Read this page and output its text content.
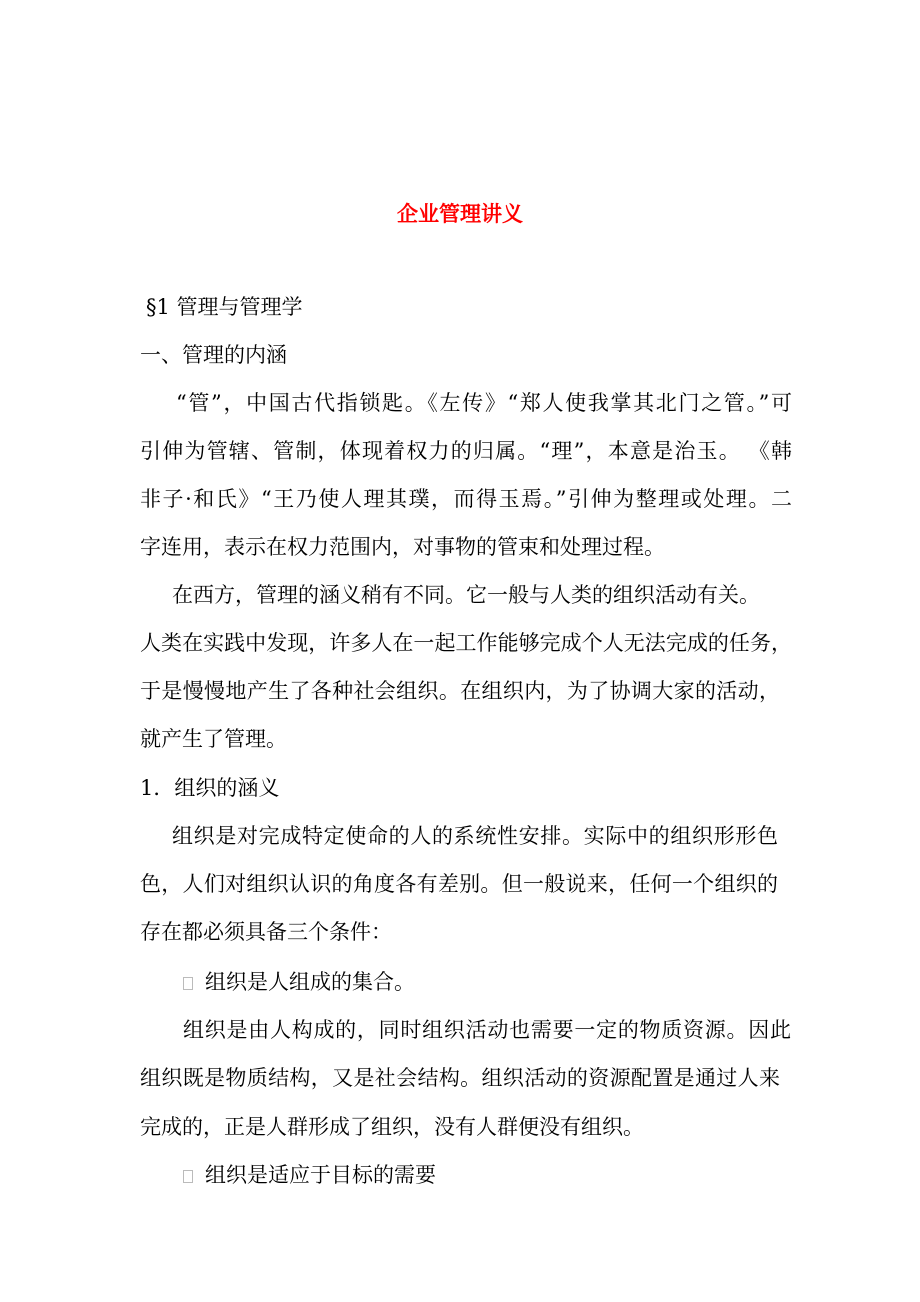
企业管理讲义
§1 管理与管理学
一、管理的内涵
“管”，中国古代指锁匙。《左传》“郑人使我掌其北门之管。”可
引伸为管辖、管制，体现着权力的归属。“理”，本意是治玉。 《韩
非子·和氏》“王乃使人理其璞，而得玉焉。”引伸为整理或处理。二
字连用，表示在权力范围内，对事物的管束和处理过程。
在西方，管理的涵义稍有不同。它一般与人类的组织活动有关。
人类在实践中发现，许多人在一起工作能够完成个人无法完成的任务，
于是慢慢地产生了各种社会组织。在组织内，为了协调大家的活动，
就产生了管理。
1．组织的涵义
组织是对完成特定使命的人的系统性安排。实际中的组织形形色
色，人们对组织认识的角度各有差别。但一般说来，任何一个组织的
存在都必须具备三个条件：
组织是人组成的集合。
组织是由人构成的，同时组织活动也需要一定的物质资源。因此
组织既是物质结构，又是社会结构。组织活动的资源配置是通过人来
完成的，正是人群形成了组织，没有人群便没有组织。
组织是适应于目标的需要
